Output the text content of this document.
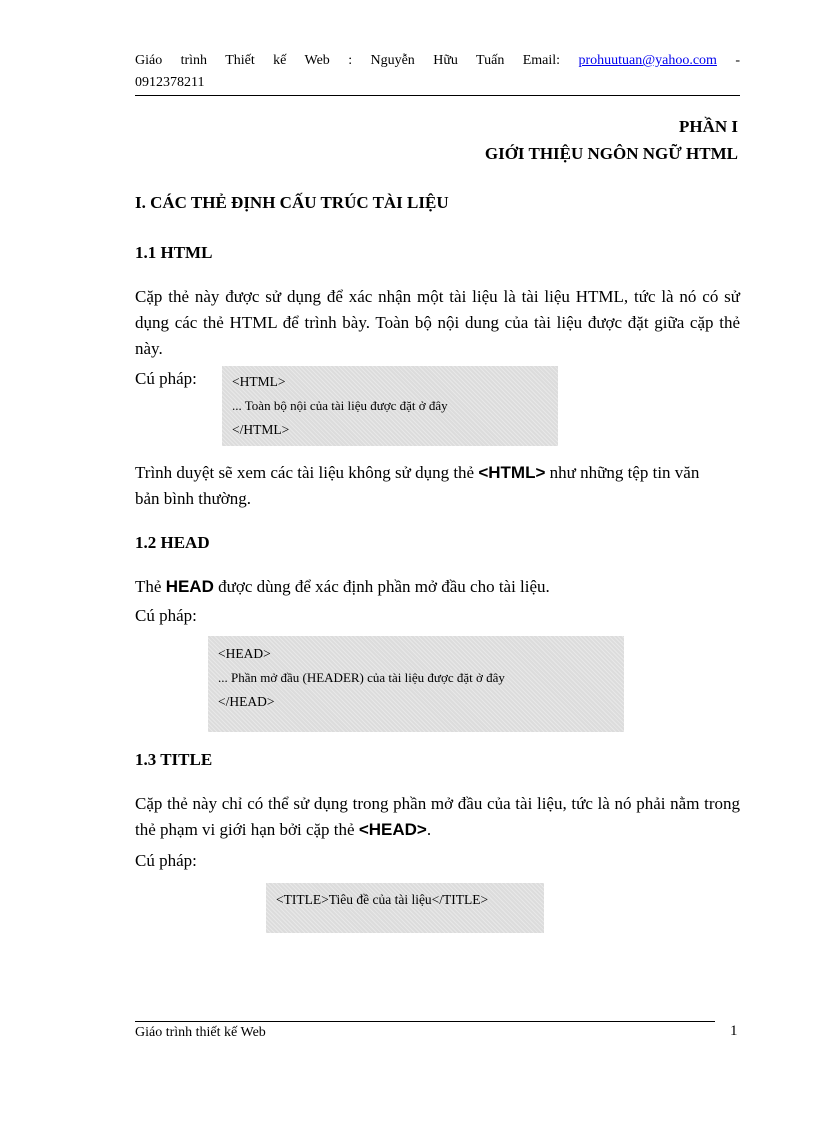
Giáo trình Thiết kế Web : Nguyễn Hữu Tuấn Email: prohuutuan@yahoo.com -
0912378211
PHẦN I
GIỚI THIỆU NGÔN NGỮ HTML
I. CÁC THẺ ĐỊNH CẤU TRÚC TÀI LIỆU
1.1 HTML
Cặp thẻ này được sử dụng để xác nhận một tài liệu là tài liệu HTML, tức là nó có sử dụng các thẻ HTML để trình bày. Toàn bộ nội dung của tài liệu được đặt giữa cặp thẻ này.
Cú pháp:	<HTML>
... Toàn bộ nội của tài liệu được đặt ở đây
</HTML>
Trình duyệt sẽ xem các tài liệu không sử dụng thẻ <HTML> như những tệp tin văn bản bình thường.
1.2 HEAD
Thẻ HEAD được dùng để xác định phần mở đầu cho tài liệu.
Cú pháp:
<HEAD>
... Phần mở đầu (HEADER) của tài liệu được đặt ở đây
</HEAD>
1.3 TITLE
Cặp thẻ này chỉ có thể sử dụng trong phần mở đầu của tài liệu, tức là nó phải nằm trong thẻ phạm vi giới hạn bởi cặp thẻ <HEAD>.
Cú pháp:
<TITLE>Tiêu đề của tài liệu</TITLE>
Giáo trình thiết kế Web	1
